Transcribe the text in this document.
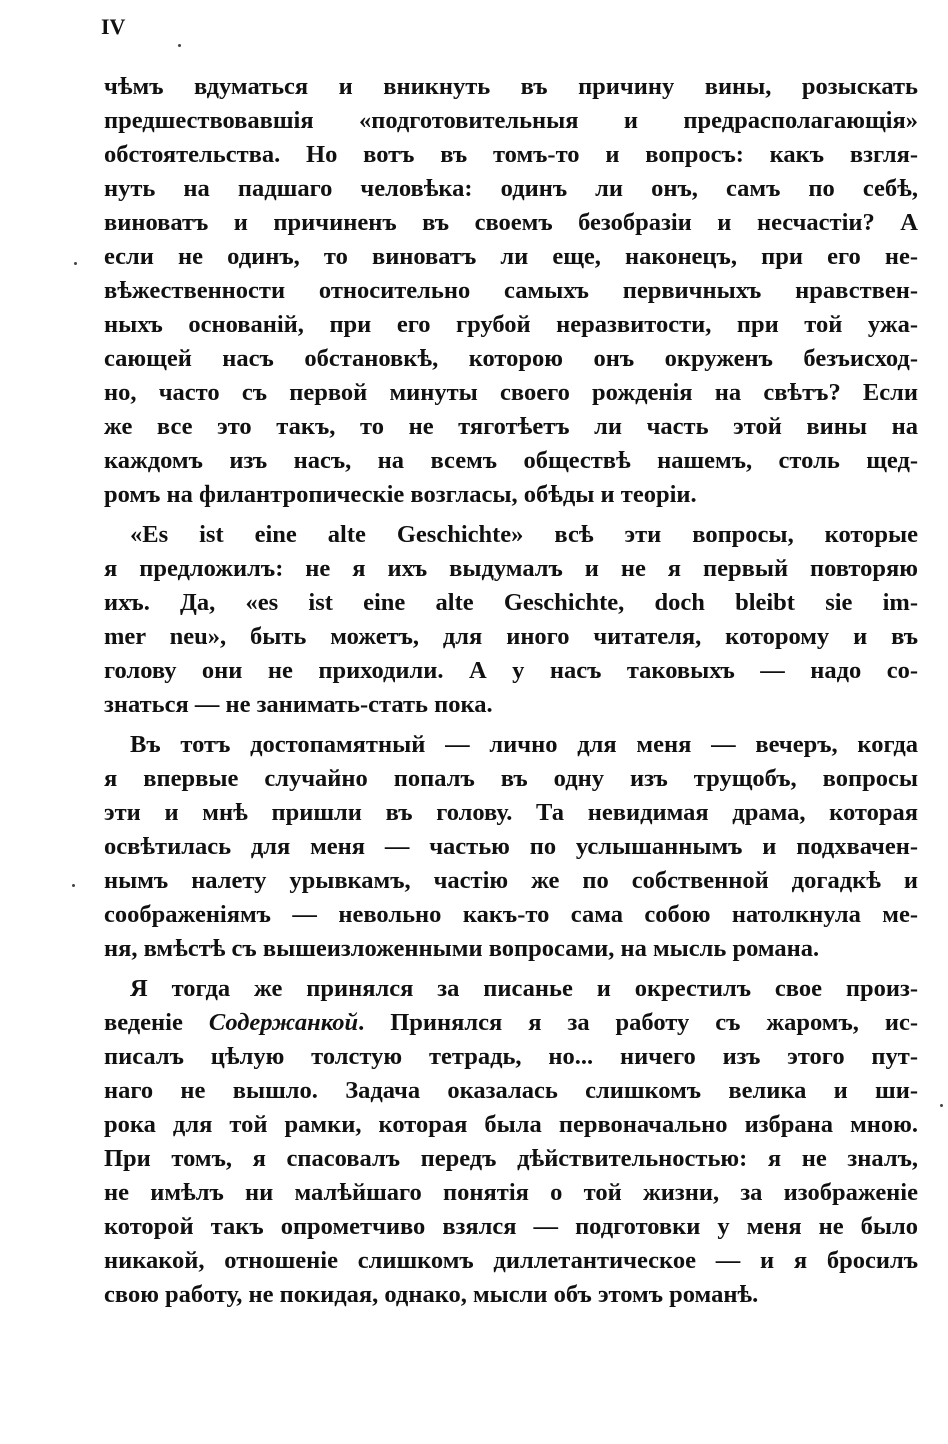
IV
чѣмъ вдуматься и вникнуть въ причину вины, розыскать
предшествовавшія «подготовительныя и предрасполагающія»
обстоятельства. Но вотъ въ томъ-то и вопросъ: какъ взгля-
нуть на падшаго человѣка: одинъ ли онъ, самъ по себѣ,
виноватъ и причиненъ въ своемъ безобразіи и несчастіи? А
если не одинъ, то виноватъ ли еще, наконецъ, при его не-
вѣжественности относительно самыхъ первичныхъ нравствен-
ныхъ основаній, при его грубой неразвитости, при той ужа-
сающей насъ обстановкѣ, которою онъ окруженъ безъисход-
но, часто съ первой минуты своего рожденія на свѣтъ? Если
же все это такъ, то не тяготѣетъ ли часть этой вины на
каждомъ изъ насъ, на всемъ обществѣ нашемъ, столь щед-
ромъ на филантропическіе возгласы, обѣды и теоріи.
«Es ist eine alte Geschichte» всѣ эти вопросы, которые
я предложилъ: не я ихъ выдумалъ и не я первый повторяю
ихъ. Да, «es ist eine alte Geschichte, doch bleibt sie im-
mer neu», быть можетъ, для иного читателя, которому и въ
голову они не приходили. А у насъ таковыхъ — надо со-
знаться — не занимать-стать пока.
Въ тотъ достопамятный — лично для меня — вечеръ, когда
я впервые случайно попалъ въ одну изъ трущобъ, вопросы
эти и мнѣ пришли въ голову. Та невидимая драма, которая
освѣтилась для меня — частью по услышаннымъ и подхвачен-
нымъ налету урывкамъ, частію же по собственной догадкѣ и
соображеніямъ — невольно какъ-то сама собою натолкнула ме-
ня, вмѣстѣ съ вышеизложенными вопросами, на мысль романа.
Я тогда же принялся за писанье и окрестилъ свое произ-
веденіе Содержанкой. Принялся я за работу съ жаромъ, ис-
писалъ цѣлую толстую тетрадь, но... ничего изъ этого пут-
наго не вышло. Задача оказалась слишкомъ велика и ши-
рока для той рамки, которая была первоначально избрана мною.
При томъ, я спасовалъ передъ дѣйствительностью: я не зналъ,
не имѣлъ ни малѣйшаго понятія о той жизни, за изображеніе
которой такъ опрометчиво взялся — подготовки у меня не было
никакой, отношеніе слишкомъ диллетантическое — и я бросилъ
свою работу, не покидая, однако, мысли объ этомъ романѣ.
